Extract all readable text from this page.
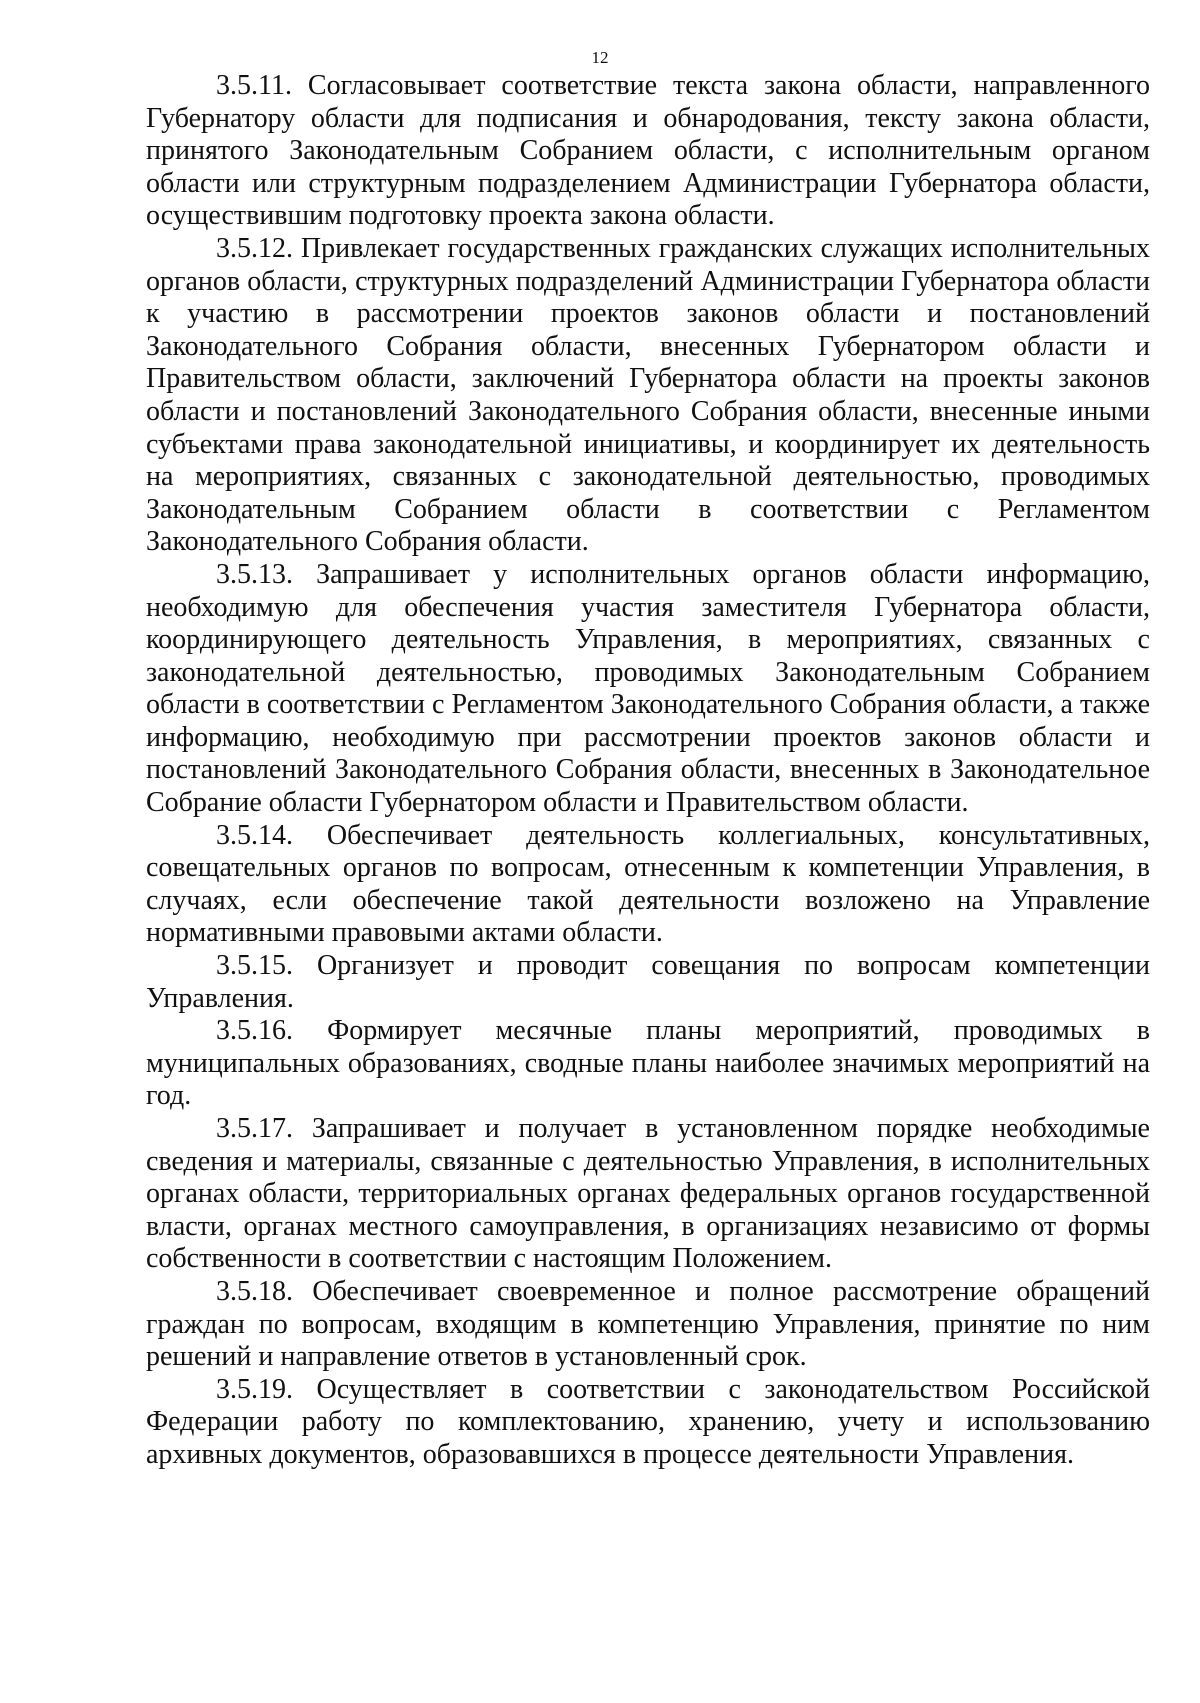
12

3.5.11. Согласовывает соответствие текста закона области, направленного Губернатору области для подписания и обнародования, тексту закона области, принятого Законодательным Собранием области, с исполнительным органом области или структурным подразделением Администрации Губернатора области, осуществившим подготовку проекта закона области.

3.5.12. Привлекает государственных гражданских служащих исполнительных органов области, структурных подразделений Администрации Губернатора области к участию в рассмотрении проектов законов области и постановлений Законодательного Собрания области, внесенных Губернатором области и Правительством области, заключений Губернатора области на проекты законов области и постановлений Законодательного Собрания области, внесенные иными субъектами права законодательной инициативы, и координирует их деятельность на мероприятиях, связанных с законодательной деятельностью, проводимых Законодательным Собранием области в соответствии с Регламентом Законодательного Собрания области.

3.5.13. Запрашивает у исполнительных органов области информацию, необходимую для обеспечения участия заместителя Губернатора области, координирующего деятельность Управления, в мероприятиях, связанных с законодательной деятельностью, проводимых Законодательным Собранием области в соответствии с Регламентом Законодательного Собрания области, а также информацию, необходимую при рассмотрении проектов законов области и постановлений Законодательного Собрания области, внесенных в Законодательное Собрание области Губернатором области и Правительством области.

3.5.14. Обеспечивает деятельность коллегиальных, консультативных, совещательных органов по вопросам, отнесенным к компетенции Управления, в случаях, если обеспечение такой деятельности возложено на Управление нормативными правовыми актами области.

3.5.15. Организует и проводит совещания по вопросам компетенции Управления.

3.5.16. Формирует месячные планы мероприятий, проводимых в муниципальных образованиях, сводные планы наиболее значимых мероприятий на год.

3.5.17. Запрашивает и получает в установленном порядке необходимые сведения и материалы, связанные с деятельностью Управления, в исполнительных органах области, территориальных органах федеральных органов государственной власти, органах местного самоуправления, в организациях независимо от формы собственности в соответствии с настоящим Положением.

3.5.18. Обеспечивает своевременное и полное рассмотрение обращений граждан по вопросам, входящим в компетенцию Управления, принятие по ним решений и направление ответов в установленный срок.

3.5.19. Осуществляет в соответствии с законодательством Российской Федерации работу по комплектованию, хранению, учету и использованию архивных документов, образовавшихся в процессе деятельности Управления.
